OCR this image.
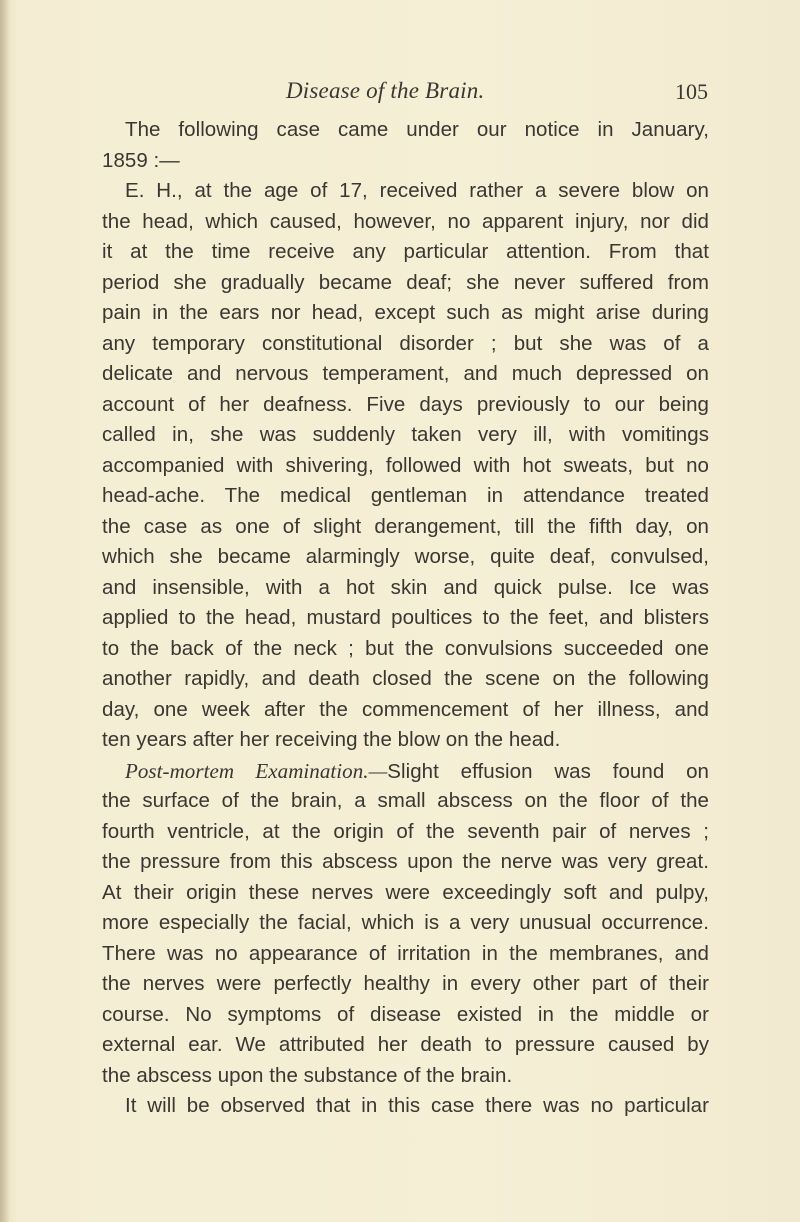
Disease of the Brain.	105
The following case came under our notice in January,
1859 :—
E. H., at the age of 17, received rather a severe blow on
the head, which caused, however, no apparent injury, nor did
it at the time receive any particular attention. From that
period she gradually became deaf; she never suffered from
pain in the ears nor head, except such as might arise during
any temporary constitutional disorder ; but she was of a
delicate and nervous temperament, and much depressed on
account of her deafness. Five days previously to our being
called in, she was suddenly taken very ill, with vomitings
accompanied with shivering, followed with hot sweats, but no
head-ache. The medical gentleman in attendance treated
the case as one of slight derangement, till the fifth day, on
which she became alarmingly worse, quite deaf, convulsed,
and insensible, with a hot skin and quick pulse. Ice was
applied to the head, mustard poultices to the feet, and blisters
to the back of the neck ; but the convulsions succeeded one
another rapidly, and death closed the scene on the following
day, one week after the commencement of her illness, and
ten years after her receiving the blow on the head.
Post-mortem Examination.—Slight effusion was found on
the surface of the brain, a small abscess on the floor of the
fourth ventricle, at the origin of the seventh pair of nerves ;
the pressure from this abscess upon the nerve was very great.
At their origin these nerves were exceedingly soft and pulpy,
more especially the facial, which is a very unusual occurrence.
There was no appearance of irritation in the membranes, and
the nerves were perfectly healthy in every other part of their
course. No symptoms of disease existed in the middle or
external ear. We attributed her death to pressure caused by
the abscess upon the substance of the brain.
It will be observed that in this case there was no particular
